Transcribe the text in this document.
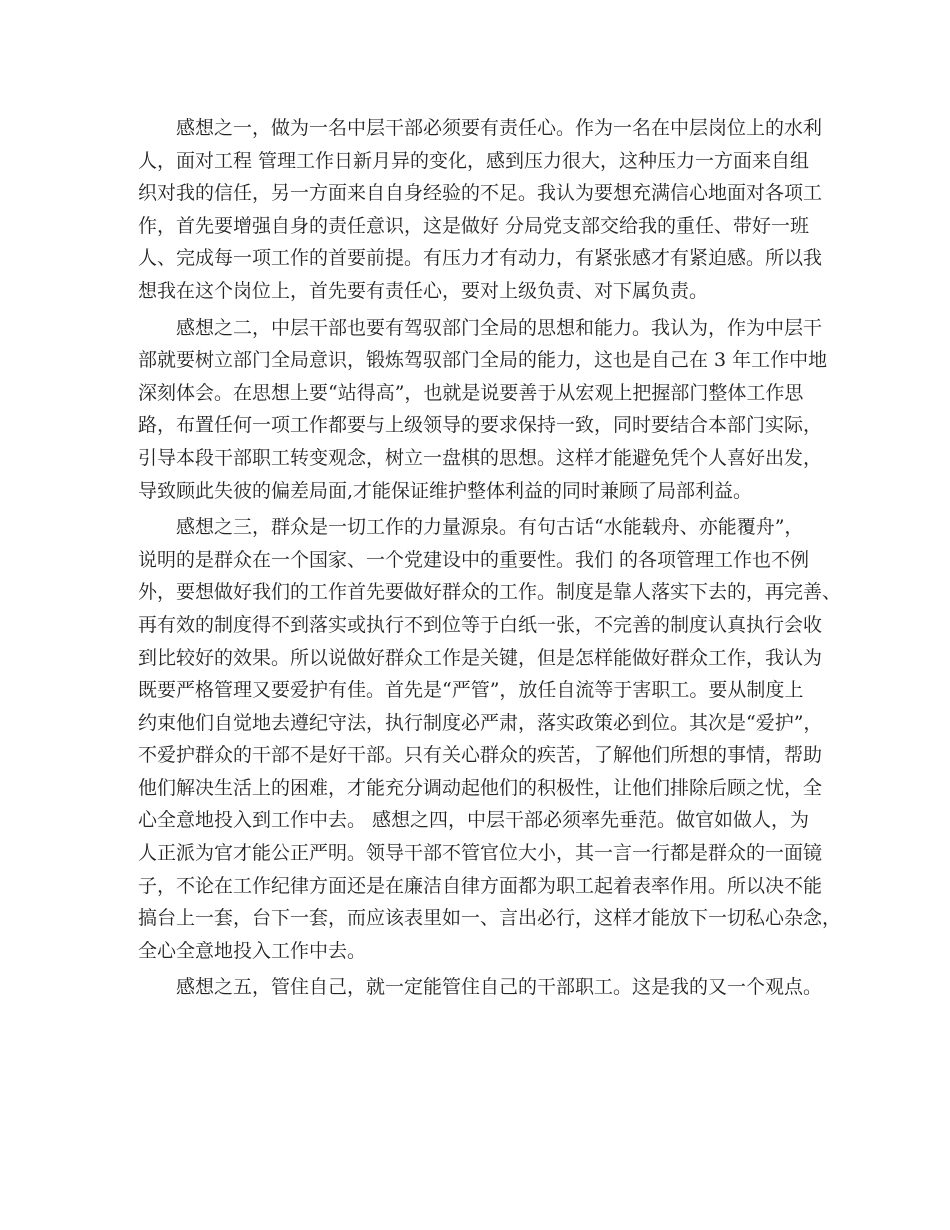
感想之一，做为一名中层干部必须要有责任心。作为一名在中层岗位上的水利
人，面对工程 管理工作日新月异的变化，感到压力很大，这种压力一方面来自组
织对我的信任，另一方面来自自身经验的不足。我认为要想充满信心地面对各项工
作，首先要增强自身的责任意识，这是做好 分局党支部交给我的重任、带好一班
人、完成每一项工作的首要前提。有压力才有动力，有紧张感才有紧迫感。所以我
想我在这个岗位上，首先要有责任心，要对上级负责、对下属负责。
感想之二，中层干部也要有驾驭部门全局的思想和能力。我认为，作为中层干
部就要树立部门全局意识，锻炼驾驭部门全局的能力，这也是自己在 3 年工作中地
深刻体会。在思想上要“站得高”，也就是说要善于从宏观上把握部门整体工作思
路，布置任何一项工作都要与上级领导的要求保持一致，同时要结合本部门实际，
引导本段干部职工转变观念，树立一盘棋的思想。这样才能避免凭个人喜好出发，
导致顾此失彼的偏差局面,才能保证维护整体利益的同时兼顾了局部利益。
感想之三，群众是一切工作的力量源泉。有句古话“水能载舟、亦能覆舟”，
说明的是群众在一个国家、一个党建设中的重要性。我们 的各项管理工作也不例
外，要想做好我们的工作首先要做好群众的工作。制度是靠人落实下去的，再完善、
再有效的制度得不到落实或执行不到位等于白纸一张，不完善的制度认真执行会收
到比较好的效果。所以说做好群众工作是关键，但是怎样能做好群众工作，我认为
既要严格管理又要爱护有佳。首先是“严管”，放任自流等于害职工。要从制度上
约束他们自觉地去遵纪守法，执行制度必严肃，落实政策必到位。其次是“爱护”，
不爱护群众的干部不是好干部。只有关心群众的疾苦，了解他们所想的事情，帮助
他们解决生活上的困难，才能充分调动起他们的积极性，让他们排除后顾之忧，全
心全意地投入到工作中去。 感想之四，中层干部必须率先垂范。做官如做人，为
人正派为官才能公正严明。领导干部不管官位大小，其一言一行都是群众的一面镜
子，不论在工作纪律方面还是在廉洁自律方面都为职工起着表率作用。所以决不能
搞台上一套，台下一套，而应该表里如一、言出必行，这样才能放下一切私心杂念，
全心全意地投入工作中去。
感想之五，管住自己，就一定能管住自己的干部职工。这是我的又一个观点。
